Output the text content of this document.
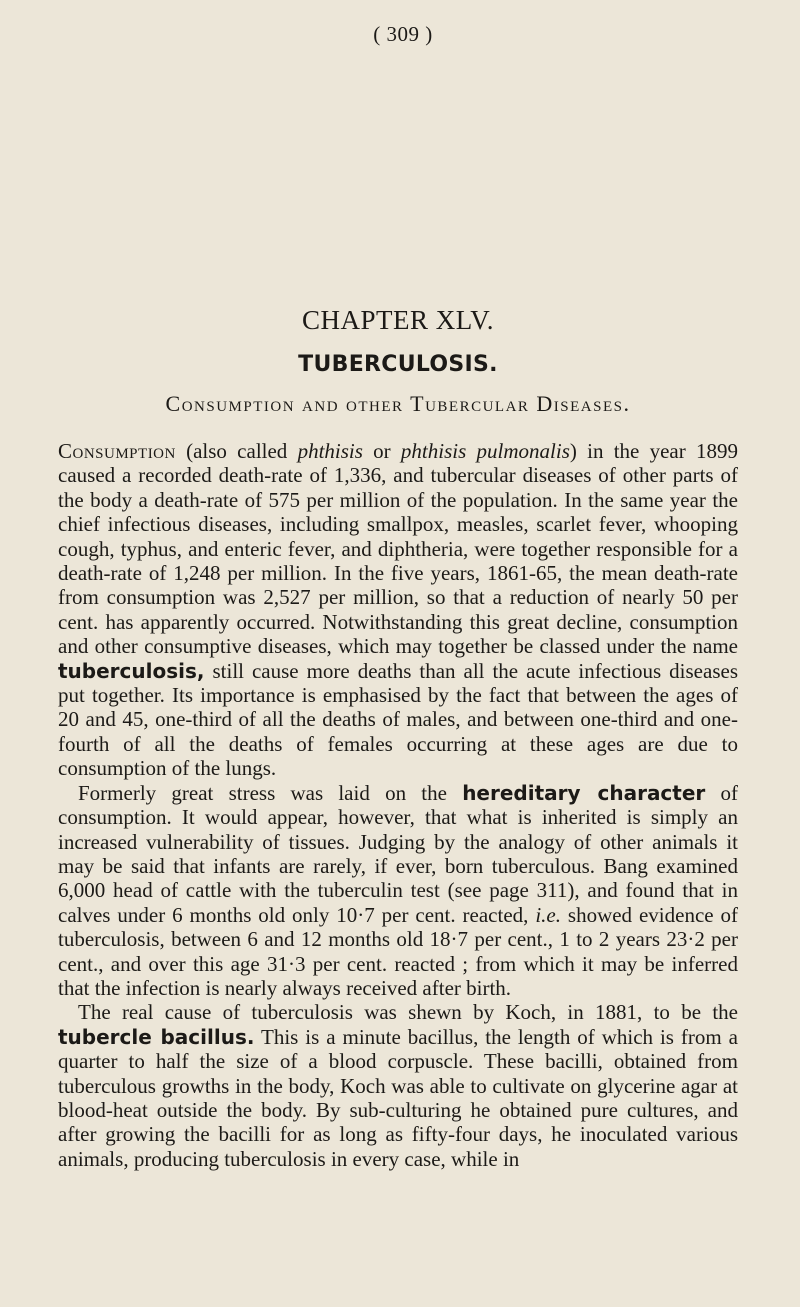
( 309 )
CHAPTER XLV.
TUBERCULOSIS.
Consumption and other Tubercular Diseases.

Consumption (also called phthisis or phthisis pulmonalis) in the year 1899 caused a recorded death-rate of 1,336, and tubercular diseases of other parts of the body a death-rate of 575 per million of the population. In the same year the chief infectious diseases, including smallpox, measles, scarlet fever, whooping cough, typhus, and enteric fever, and diphtheria, were together responsible for a death-rate of 1,248 per million. In the five years, 1861-65, the mean death-rate from consumption was 2,527 per million, so that a reduction of nearly 50 per cent. has apparently occurred. Notwithstanding this great decline, consumption and other consumptive diseases, which may together be classed under the name tuberculosis, still cause more deaths than all the acute infectious diseases put together. Its importance is emphasised by the fact that between the ages of 20 and 45, one-third of all the deaths of males, and between one-third and one-fourth of all the deaths of females occurring at these ages are due to consumption of the lungs.

Formerly great stress was laid on the hereditary character of consumption. It would appear, however, that what is inherited is simply an increased vulnerability of tissues. Judging by the analogy of other animals it may be said that infants are rarely, if ever, born tuberculous. Bang examined 6,000 head of cattle with the tuberculin test (see page 311), and found that in calves under 6 months old only 10·7 per cent. reacted, i.e. showed evidence of tuberculosis, between 6 and 12 months old 18·7 per cent., 1 to 2 years 23·2 per cent., and over this age 31·3 per cent. reacted ; from which it may be inferred that the infection is nearly always received after birth.

The real cause of tuberculosis was shewn by Koch, in 1881, to be the tubercle bacillus. This is a minute bacillus, the length of which is from a quarter to half the size of a blood corpuscle. These bacilli, obtained from tuberculous growths in the body, Koch was able to cultivate on glycerine agar at blood-heat outside the body. By sub-culturing he obtained pure cultures, and after growing the bacilli for as long as fifty-four days, he inoculated various animals, producing tuberculosis in every case, while in
